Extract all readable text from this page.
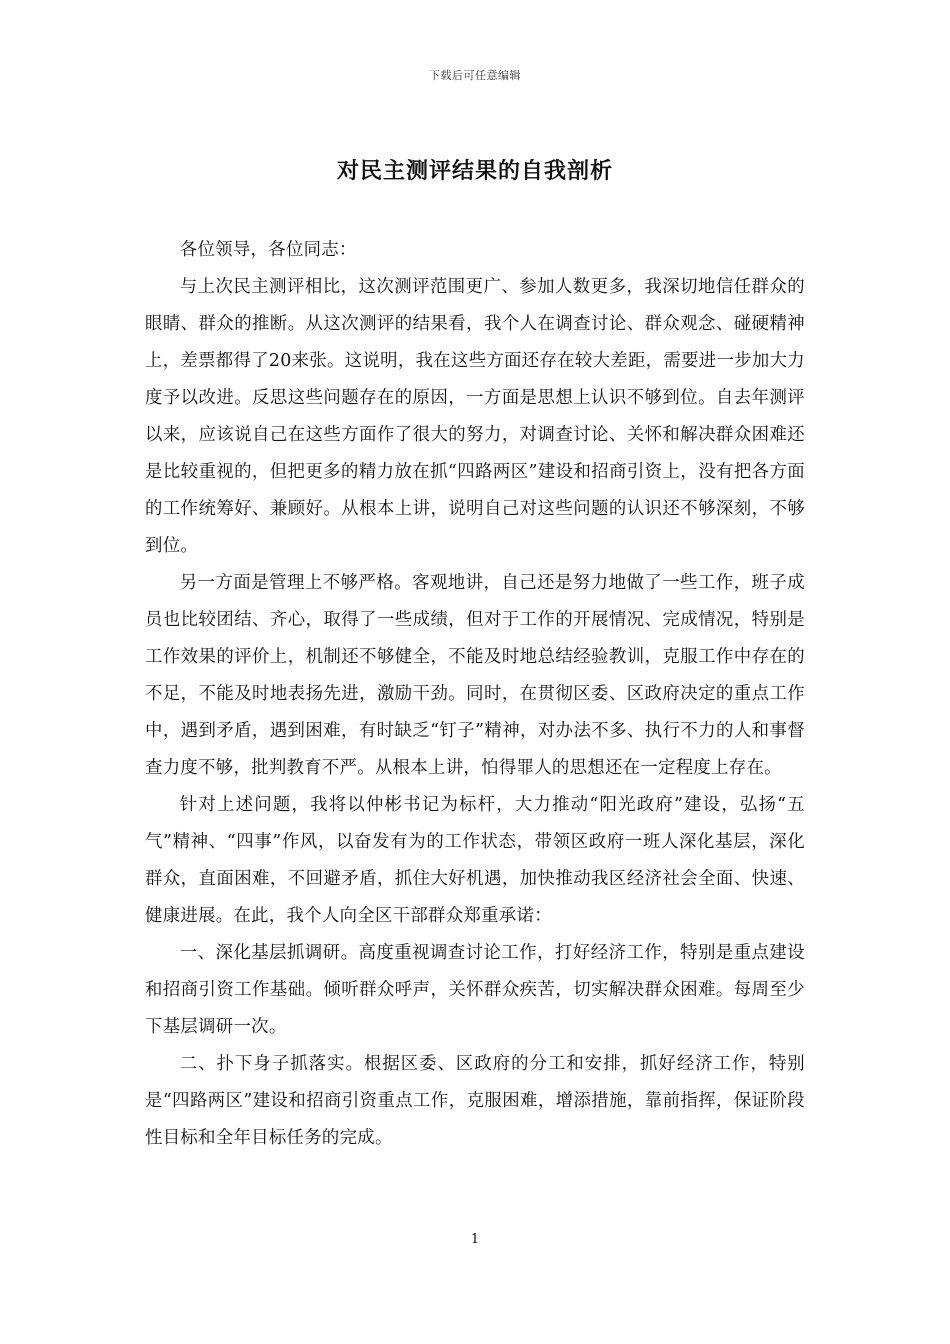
下载后可任意编辑
对民主测评结果的自我剖析

各位领导，各位同志：

与上次民主测评相比，这次测评范围更广、参加人数更多，我深切地信任群众的眼睛、群众的推断。从这次测评的结果看，我个人在调查讨论、群众观念、碰硬精神上，差票都得了20来张。这说明，我在这些方面还存在较大差距，需要进一步加大力度予以改进。反思这些问题存在的原因，一方面是思想上认识不够到位。自去年测评以来，应该说自己在这些方面作了很大的努力，对调查讨论、关怀和解决群众困难还是比较重视的，但把更多的精力放在抓“四路两区”建设和招商引资上，没有把各方面的工作统筹好、兼顾好。从根本上讲，说明自己对这些问题的认识还不够深刻，不够到位。

另一方面是管理上不够严格。客观地讲，自己还是努力地做了一些工作，班子成员也比较团结、齐心，取得了一些成绩，但对于工作的开展情况、完成情况，特别是工作效果的评价上，机制还不够健全，不能及时地总结经验教训，克服工作中存在的不足，不能及时地表扬先进，激励干劲。同时，在贯彻区委、区政府决定的重点工作中，遇到矛盾，遇到困难，有时缺乏“钉子”精神，对办法不多、执行不力的人和事督查力度不够，批判教育不严。从根本上讲，怕得罪人的思想还在一定程度上存在。

针对上述问题，我将以仲彬书记为标杆，大力推动“阳光政府”建设，弘扬“五气”精神、“四事”作风，以奋发有为的工作状态，带领区政府一班人深化基层，深化群众，直面困难，不回避矛盾，抓住大好机遇，加快推动我区经济社会全面、快速、健康进展。在此，我个人向全区干部群众郑重承诺：

一、深化基层抓调研。高度重视调查讨论工作，打好经济工作，特别是重点建设和招商引资工作基础。倾听群众呼声，关怀群众疾苦，切实解决群众困难。每周至少下基层调研一次。

二、扑下身子抓落实。根据区委、区政府的分工和安排，抓好经济工作，特别是“四路两区”建设和招商引资重点工作，克服困难，增添措施，靠前指挥，保证阶段性目标和全年目标任务的完成。

1
